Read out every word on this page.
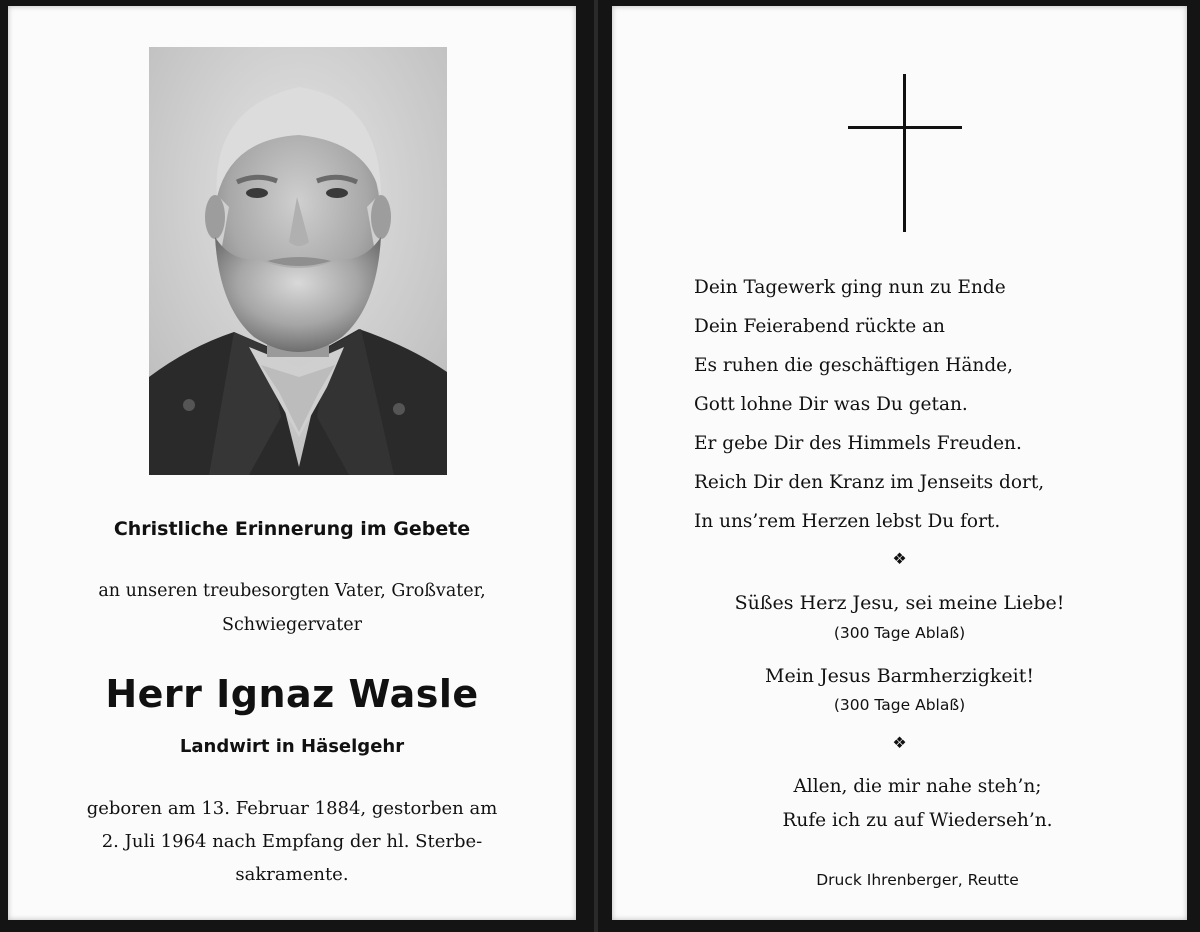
Christliche Erinnerung im Gebete
an unseren treubesorgten Vater, Großvater,
Schwiegervater
Herr Ignaz Wasle
Landwirt in Häselgehr
geboren am 13. Februar 1884, gestorben am
2. Juli 1964 nach Empfang der hl. Sterbe-
sakramente.
Dein Tagewerk ging nun zu Ende
Dein Feierabend rückte an
Es ruhen die geschäftigen Hände,
Gott lohne Dir was Du getan.
Er gebe Dir des Himmels Freuden.
Reich Dir den Kranz im Jenseits dort,
In uns’rem Herzen lebst Du fort.
❖
Süßes Herz Jesu, sei meine Liebe!
(300 Tage Ablaß)
Mein Jesus Barmherzigkeit!
(300 Tage Ablaß)
❖
Allen, die mir nahe steh’n;
Rufe ich zu auf Wiederseh’n.
Druck Ihrenberger, Reutte
